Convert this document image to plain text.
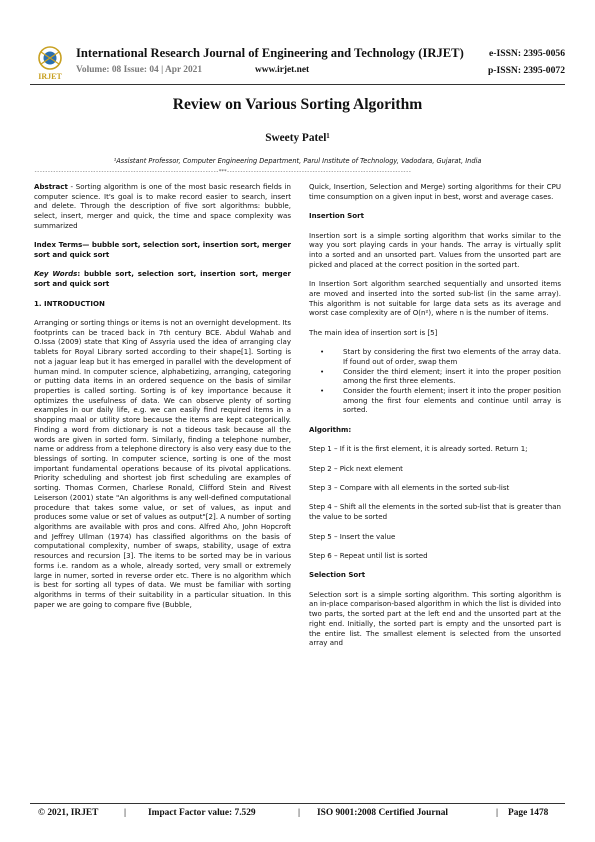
IRJET
International Research Journal of Engineering and Technology (IRJET)
Volume: 08 Issue: 04 | Apr 2021	www.irjet.net
e-ISSN: 2395-0056
p-ISSN: 2395-0072
Review on Various Sorting Algorithm
Sweety Patel¹
¹Assistant Professor, Computer Engineering Department, Parul Institute of Technology, Vadodara, Gujarat, India
---------------------------------------------------------------------***---------------------------------------------------------------------

Abstract - Sorting algorithm is one of the most basic research fields in computer science. It's goal is to make record easier to search, insert and delete. Through the description of five sort algorithms: bubble, select, insert, merger and quick, the time and space complexity was summarized

Index Terms— bubble sort, selection sort, insertion sort, merger sort and quick sort

Key Words: bubble sort, selection sort, insertion sort, merger sort and quick sort

1. INTRODUCTION

Arranging or sorting things or items is not an overnight development. Its footprints can be traced back in 7th century BCE. Abdul Wahab and O.Issa (2009) state that King of Assyria used the idea of arranging clay tablets for Royal Library sorted according to their shape[1]. Sorting is not a jaguar leap but it has emerged in parallel with the development of human mind. In computer science, alphabetizing, arranging, categoring or putting data items in an ordered sequence on the basis of similar properties is called sorting. Sorting is of key importance because it optimizes the usefulness of data. We can observe plenty of sorting examples in our daily life, e.g. we can easily find required items in a shopping maal or utility store because the items are kept categorically. Finding a word from dictionary is not a tideous task because all the words are given in sorted form. Similarly, finding a telephone number, name or address from a telephone directory is also very easy due to the blessings of sorting. In computer science, sorting is one of the most important fundamental operations because of its pivotal applications. Priority scheduling and shortest job first scheduling are examples of sorting. Thomas Cormen, Charlese Ronald, Clifford Stein and Rivest Leiserson (2001) state "An algorithms is any well-defined computational procedure that takes some value, or set of values, as input and produces some value or set of values as output"[2]. A number of sorting algorithms are available with pros and cons. Alfred Aho, John Hopcroft and Jeffrey Ullman (1974) has classified algorithms on the basis of computational complexity, number of swaps, stability, usage of extra resources and recursion [3]. The items to be sorted may be in various forms i.e. random as a whole, already sorted, very small or extremely large in numer, sorted in reverse order etc. There is no algorithm which is best for sorting all types of data. We must be familiar with sorting algorithms in terms of their suitability in a particular situation. In this paper we are going to compare five (Bubble,

Quick, Insertion, Selection and Merge) sorting algorithms for their CPU time consumption on a given input in best, worst and average cases.

Insertion Sort

Insertion sort is a simple sorting algorithm that works similar to the way you sort playing cards in your hands. The array is virtually split into a sorted and an unsorted part. Values from the unsorted part are picked and placed at the correct position in the sorted part.

In Insertion Sort algorithm searched sequentially and unsorted items are moved and inserted into the sorted sub-list (in the same array). This algorithm is not suitable for large data sets as its average and worst case complexity are of O(n²), where n is the number of items.

The main idea of insertion sort is [5]

• Start by considering the first two elements of the array data. If found out of order, swap them
• Consider the third element; insert it into the proper position among the first three elements.
• Consider the fourth element; insert it into the proper position among the first four elements and continue until array is sorted.

Algorithm:

Step 1 – If it is the first element, it is already sorted. Return 1;

Step 2 – Pick next element

Step 3 – Compare with all elements in the sorted sub-list

Step 4 – Shift all the elements in the sorted sub-list that is greater than the value to be sorted

Step 5 – Insert the value

Step 6 – Repeat until list is sorted

Selection Sort

Selection sort is a simple sorting algorithm. This sorting algorithm is an in-place comparison-based algorithm in which the list is divided into two parts, the sorted part at the left end and the unsorted part at the right end. Initially, the sorted part is empty and the unsorted part is the entire list. The smallest element is selected from the unsorted array and

© 2021, IRJET	| Impact Factor value: 7.529	| ISO 9001:2008 Certified Journal	| Page 1478
